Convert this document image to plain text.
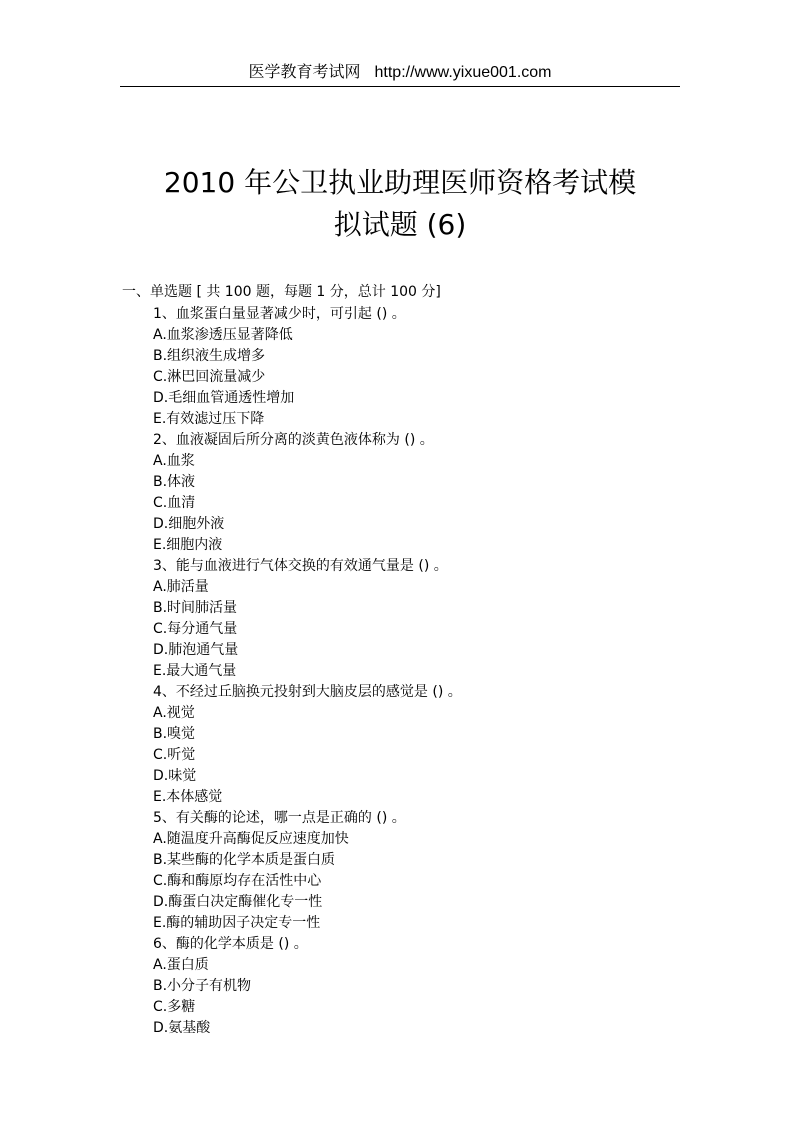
医学教育考试网 http://www.yixue001.com
2010 年公卫执业助理医师资格考试模
拟试题 (6)
一、单选题 [ 共 100 题，每题 1 分，总计 100 分]
1、血浆蛋白量显著减少时，可引起 () 。
A.血浆渗透压显著降低
B.组织液生成增多
C.淋巴回流量减少
D.毛细血管通透性增加
E.有效滤过压下降
2、血液凝固后所分离的淡黄色液体称为 () 。
A.血浆
B.体液
C.血清
D.细胞外液
E.细胞内液
3、能与血液进行气体交换的有效通气量是 () 。
A.肺活量
B.时间肺活量
C.每分通气量
D.肺泡通气量
E.最大通气量
4、不经过丘脑换元投射到大脑皮层的感觉是 () 。
A.视觉
B.嗅觉
C.听觉
D.味觉
E.本体感觉
5、有关酶的论述，哪一点是正确的 () 。
A.随温度升高酶促反应速度加快
B.某些酶的化学本质是蛋白质
C.酶和酶原均存在活性中心
D.酶蛋白决定酶催化专一性
E.酶的辅助因子决定专一性
6、酶的化学本质是 () 。
A.蛋白质
B.小分子有机物
C.多糖
D.氨基酸
